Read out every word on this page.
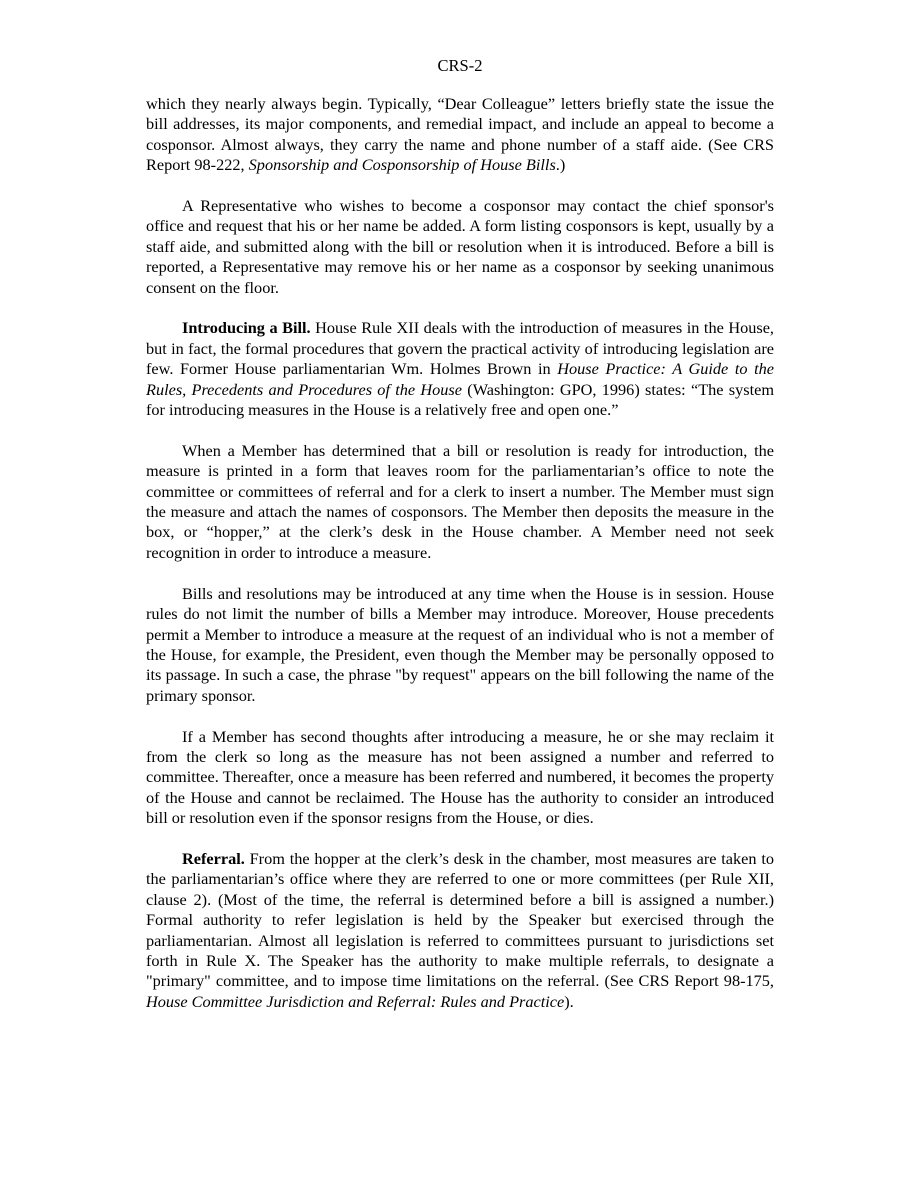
CRS-2

which they nearly always begin. Typically, “Dear Colleague” letters briefly state the issue the bill addresses, its major components, and remedial impact, and include an appeal to become a cosponsor. Almost always, they carry the name and phone number of a staff aide. (See CRS Report 98-222, Sponsorship and Cosponsorship of House Bills.)

A Representative who wishes to become a cosponsor may contact the chief sponsor's office and request that his or her name be added. A form listing cosponsors is kept, usually by a staff aide, and submitted along with the bill or resolution when it is introduced. Before a bill is reported, a Representative may remove his or her name as a cosponsor by seeking unanimous consent on the floor.

Introducing a Bill. House Rule XII deals with the introduction of measures in the House, but in fact, the formal procedures that govern the practical activity of introducing legislation are few. Former House parliamentarian Wm. Holmes Brown in House Practice: A Guide to the Rules, Precedents and Procedures of the House (Washington: GPO, 1996) states: “The system for introducing measures in the House is a relatively free and open one.”

When a Member has determined that a bill or resolution is ready for introduction, the measure is printed in a form that leaves room for the parliamentarian’s office to note the committee or committees of referral and for a clerk to insert a number. The Member must sign the measure and attach the names of cosponsors. The Member then deposits the measure in the box, or “hopper,” at the clerk’s desk in the House chamber. A Member need not seek recognition in order to introduce a measure.

Bills and resolutions may be introduced at any time when the House is in session. House rules do not limit the number of bills a Member may introduce. Moreover, House precedents permit a Member to introduce a measure at the request of an individual who is not a member of the House, for example, the President, even though the Member may be personally opposed to its passage. In such a case, the phrase "by request" appears on the bill following the name of the primary sponsor.

If a Member has second thoughts after introducing a measure, he or she may reclaim it from the clerk so long as the measure has not been assigned a number and referred to committee. Thereafter, once a measure has been referred and numbered, it becomes the property of the House and cannot be reclaimed. The House has the authority to consider an introduced bill or resolution even if the sponsor resigns from the House, or dies.

Referral. From the hopper at the clerk’s desk in the chamber, most measures are taken to the parliamentarian’s office where they are referred to one or more committees (per Rule XII, clause 2). (Most of the time, the referral is determined before a bill is assigned a number.) Formal authority to refer legislation is held by the Speaker but exercised through the parliamentarian. Almost all legislation is referred to committees pursuant to jurisdictions set forth in Rule X. The Speaker has the authority to make multiple referrals, to designate a "primary" committee, and to impose time limitations on the referral. (See CRS Report 98-175, House Committee Jurisdiction and Referral: Rules and Practice).
